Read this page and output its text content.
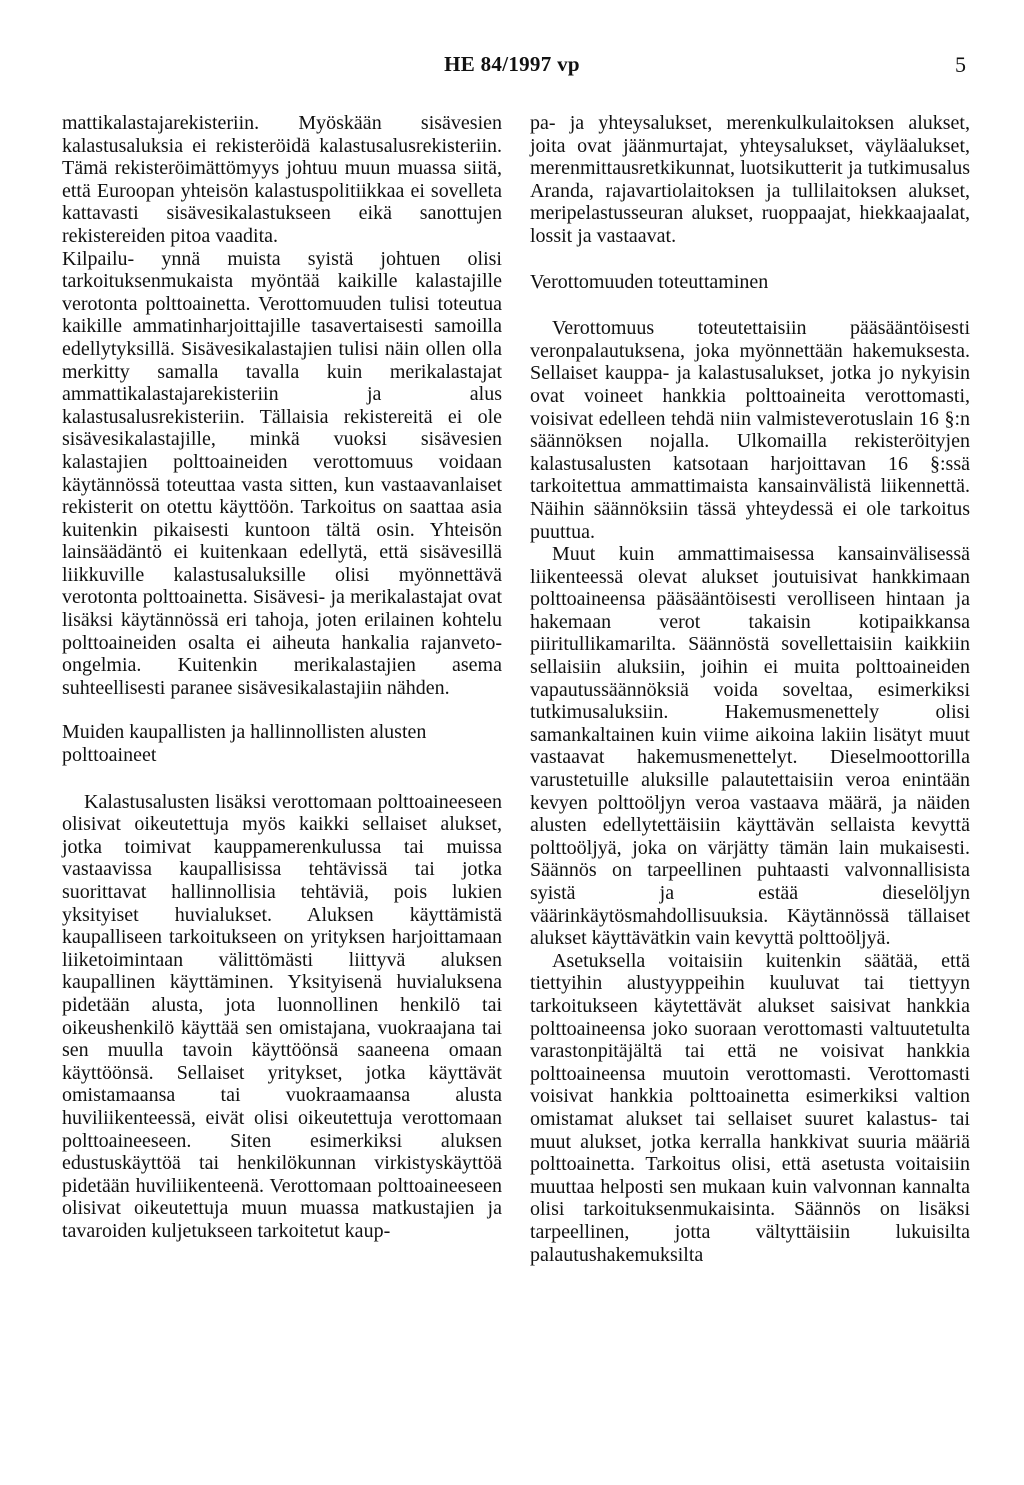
HE 84/1997 vp	5

mattikalastajarekisteriin. Myöskään sisävesien kalastusaluksia ei rekisteröidä kalastusalusrekisteriin. Tämä rekisteröimättömyys johtuu muun muassa siitä, että Euroopan yhteisön kalastuspolitiikkaa ei sovelleta kattavasti sisävesikalastukseen eikä sanottujen rekistereiden pitoa vaadita.

Kilpailu- ynnä muista syistä johtuen olisi tarkoituksenmukaista myöntää kaikille kalastajille verotonta polttoainetta. Verottomuuden tulisi toteutua kaikille ammatinharjoittajille tasavertaisesti samoilla edellytyksillä. Sisävesikalastajien tulisi näin ollen olla merkitty samalla tavalla kuin merikalastajat ammattikalastajarekisteriin ja alus kalastusalusrekisteriin. Tällaisia rekistereitä ei ole sisävesikalastajille, minkä vuoksi sisävesien kalastajien polttoaineiden verottomuus voidaan käytännössä toteuttaa vasta sitten, kun vastaavanlaiset rekisterit on otettu käyttöön. Tarkoitus on saattaa asia kuitenkin pikaisesti kuntoon tältä osin. Yhteisön lainsäädäntö ei kuitenkaan edellytä, että sisävesillä liikkuville kalastusaluksille olisi myönnettävä verotonta polttoainetta. Sisävesi- ja merikalastajat ovat lisäksi käytännössä eri tahoja, joten erilainen kohtelu polttoaineiden osalta ei aiheuta hankalia rajanveto-ongelmia. Kuitenkin merikalastajien asema suhteellisesti paranee sisävesikalastajiin nähden.

Muiden kaupallisten ja hallinnollisten alusten polttoaineet

Kalastusalusten lisäksi verottomaan polttoaineeseen olisivat oikeutettuja myös kaikki sellaiset alukset, jotka toimivat kauppamerenkulussa tai muissa vastaavissa kaupallisissa tehtävissä tai jotka suorittavat hallinnollisia tehtäviä, pois lukien yksityiset huvialukset. Aluksen käyttämistä kaupalliseen tarkoitukseen on yrityksen harjoittamaan liiketoimintaan välittömästi liittyvä aluksen kaupallinen käyttäminen. Yksityisenä huvialuksena pidetään alusta, jota luonnollinen henkilö tai oikeushenkilö käyttää sen omistajana, vuokraajana tai sen muulla tavoin käyttöönsä saaneena omaan käyttöönsä. Sellaiset yritykset, jotka käyttävät omistamaansa tai vuokraamaansa alusta huviliikenteessä, eivät olisi oikeutettuja verottomaan polttoaineeseen. Siten esimerkiksi aluksen edustuskäyttöä tai henkilökunnan virkistyskäyttöä pidetään huviliikenteenä. Verottomaan polttoaineeseen olisivat oikeutettuja muun muassa matkustajien ja tavaroiden kuljetukseen tarkoitetut kaup-

pa- ja yhteysalukset, merenkulkulaitoksen alukset, joita ovat jäänmurtajat, yhteysalukset, väyläalukset, merenmittausretkikunnat, luotsikutterit ja tutkimusalus Aranda, rajavartiolaitoksen ja tullilaitoksen alukset, meripelastusseuran alukset, ruoppaajat, hiekkaajaalat, lossit ja vastaavat.

Verottomuuden toteuttaminen

Verottomuus toteutettaisiin pääsääntöisesti veronpalautuksena, joka myönnettään hakemuksesta. Sellaiset kauppa- ja kalastusalukset, jotka jo nykyisin ovat voineet hankkia polttoaineita verottomasti, voisivat edelleen tehdä niin valmisteverotuslain 16 §:n säännöksen nojalla. Ulkomailla rekisteröityjen kalastusalusten katsotaan harjoittavan 16 §:ssä tarkoitettua ammattimaista kansainvälistä liikennettä. Näihin säännöksiin tässä yhteydessä ei ole tarkoitus puuttua.

Muut kuin ammattimaisessa kansainvälisessä liikenteessä olevat alukset joutuisivat hankkimaan polttoaineensa pääsääntöisesti verolliseen hintaan ja hakemaan verot takaisin kotipaikkansa piiritullikamarilta. Säännöstä sovellettaisiin kaikkiin sellaisiin aluksiin, joihin ei muita polttoaineiden vapautussäännöksiä voida soveltaa, esimerkiksi tutkimusaluksiin. Hakemusmenettely olisi samankaltainen kuin viime aikoina lakiin lisätyt muut vastaavat hakemusmenettelyt. Dieselmoottorilla varustetuille aluksille palautettaisiin veroa enintään kevyen polttoöljyn veroa vastaava määrä, ja näiden alusten edellytettäisiin käyttävän sellaista kevyttä polttoöljyä, joka on värjätty tämän lain mukaisesti. Säännös on tarpeellinen puhtaasti valvonnallisista syistä ja estää dieselöljyn väärinkäytösmahdollisuuksia. Käytännössä tällaiset alukset käyttävätkin vain kevyttä polttoöljyä.

Asetuksella voitaisiin kuitenkin säätää, että tiettyihin alustyyppeihin kuuluvat tai tiettyyn tarkoitukseen käytettävät alukset saisivat hankkia polttoaineensa joko suoraan verottomasti valtuutetulta varastonpitäjältä tai että ne voisivat hankkia polttoaineensa muutoin verottomasti. Verottomasti voisivat hankkia polttoainetta esimerkiksi valtion omistamat alukset tai sellaiset suuret kalastus- tai muut alukset, jotka kerralla hankkivat suuria määriä polttoainetta. Tarkoitus olisi, että asetusta voitaisiin muuttaa helposti sen mukaan kuin valvonnan kannalta olisi tarkoituksenmukaisinta. Säännös on lisäksi tarpeellinen, jotta vältyttäisiin lukuisilta palautushakemuksilta
